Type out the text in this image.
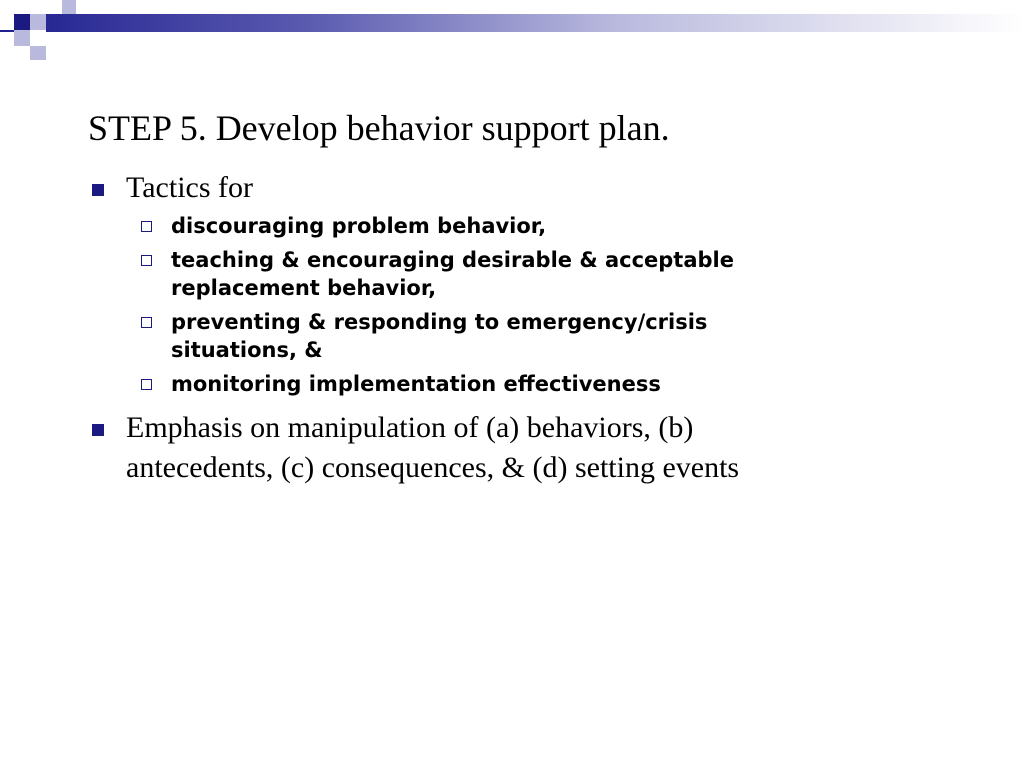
STEP 5. Develop behavior support plan.
Tactics for
discouraging problem behavior,
teaching & encouraging desirable & acceptable
replacement behavior,
preventing & responding to emergency/crisis
situations, &
monitoring implementation effectiveness
Emphasis on manipulation of (a) behaviors, (b)
antecedents, (c) consequences, & (d) setting events
